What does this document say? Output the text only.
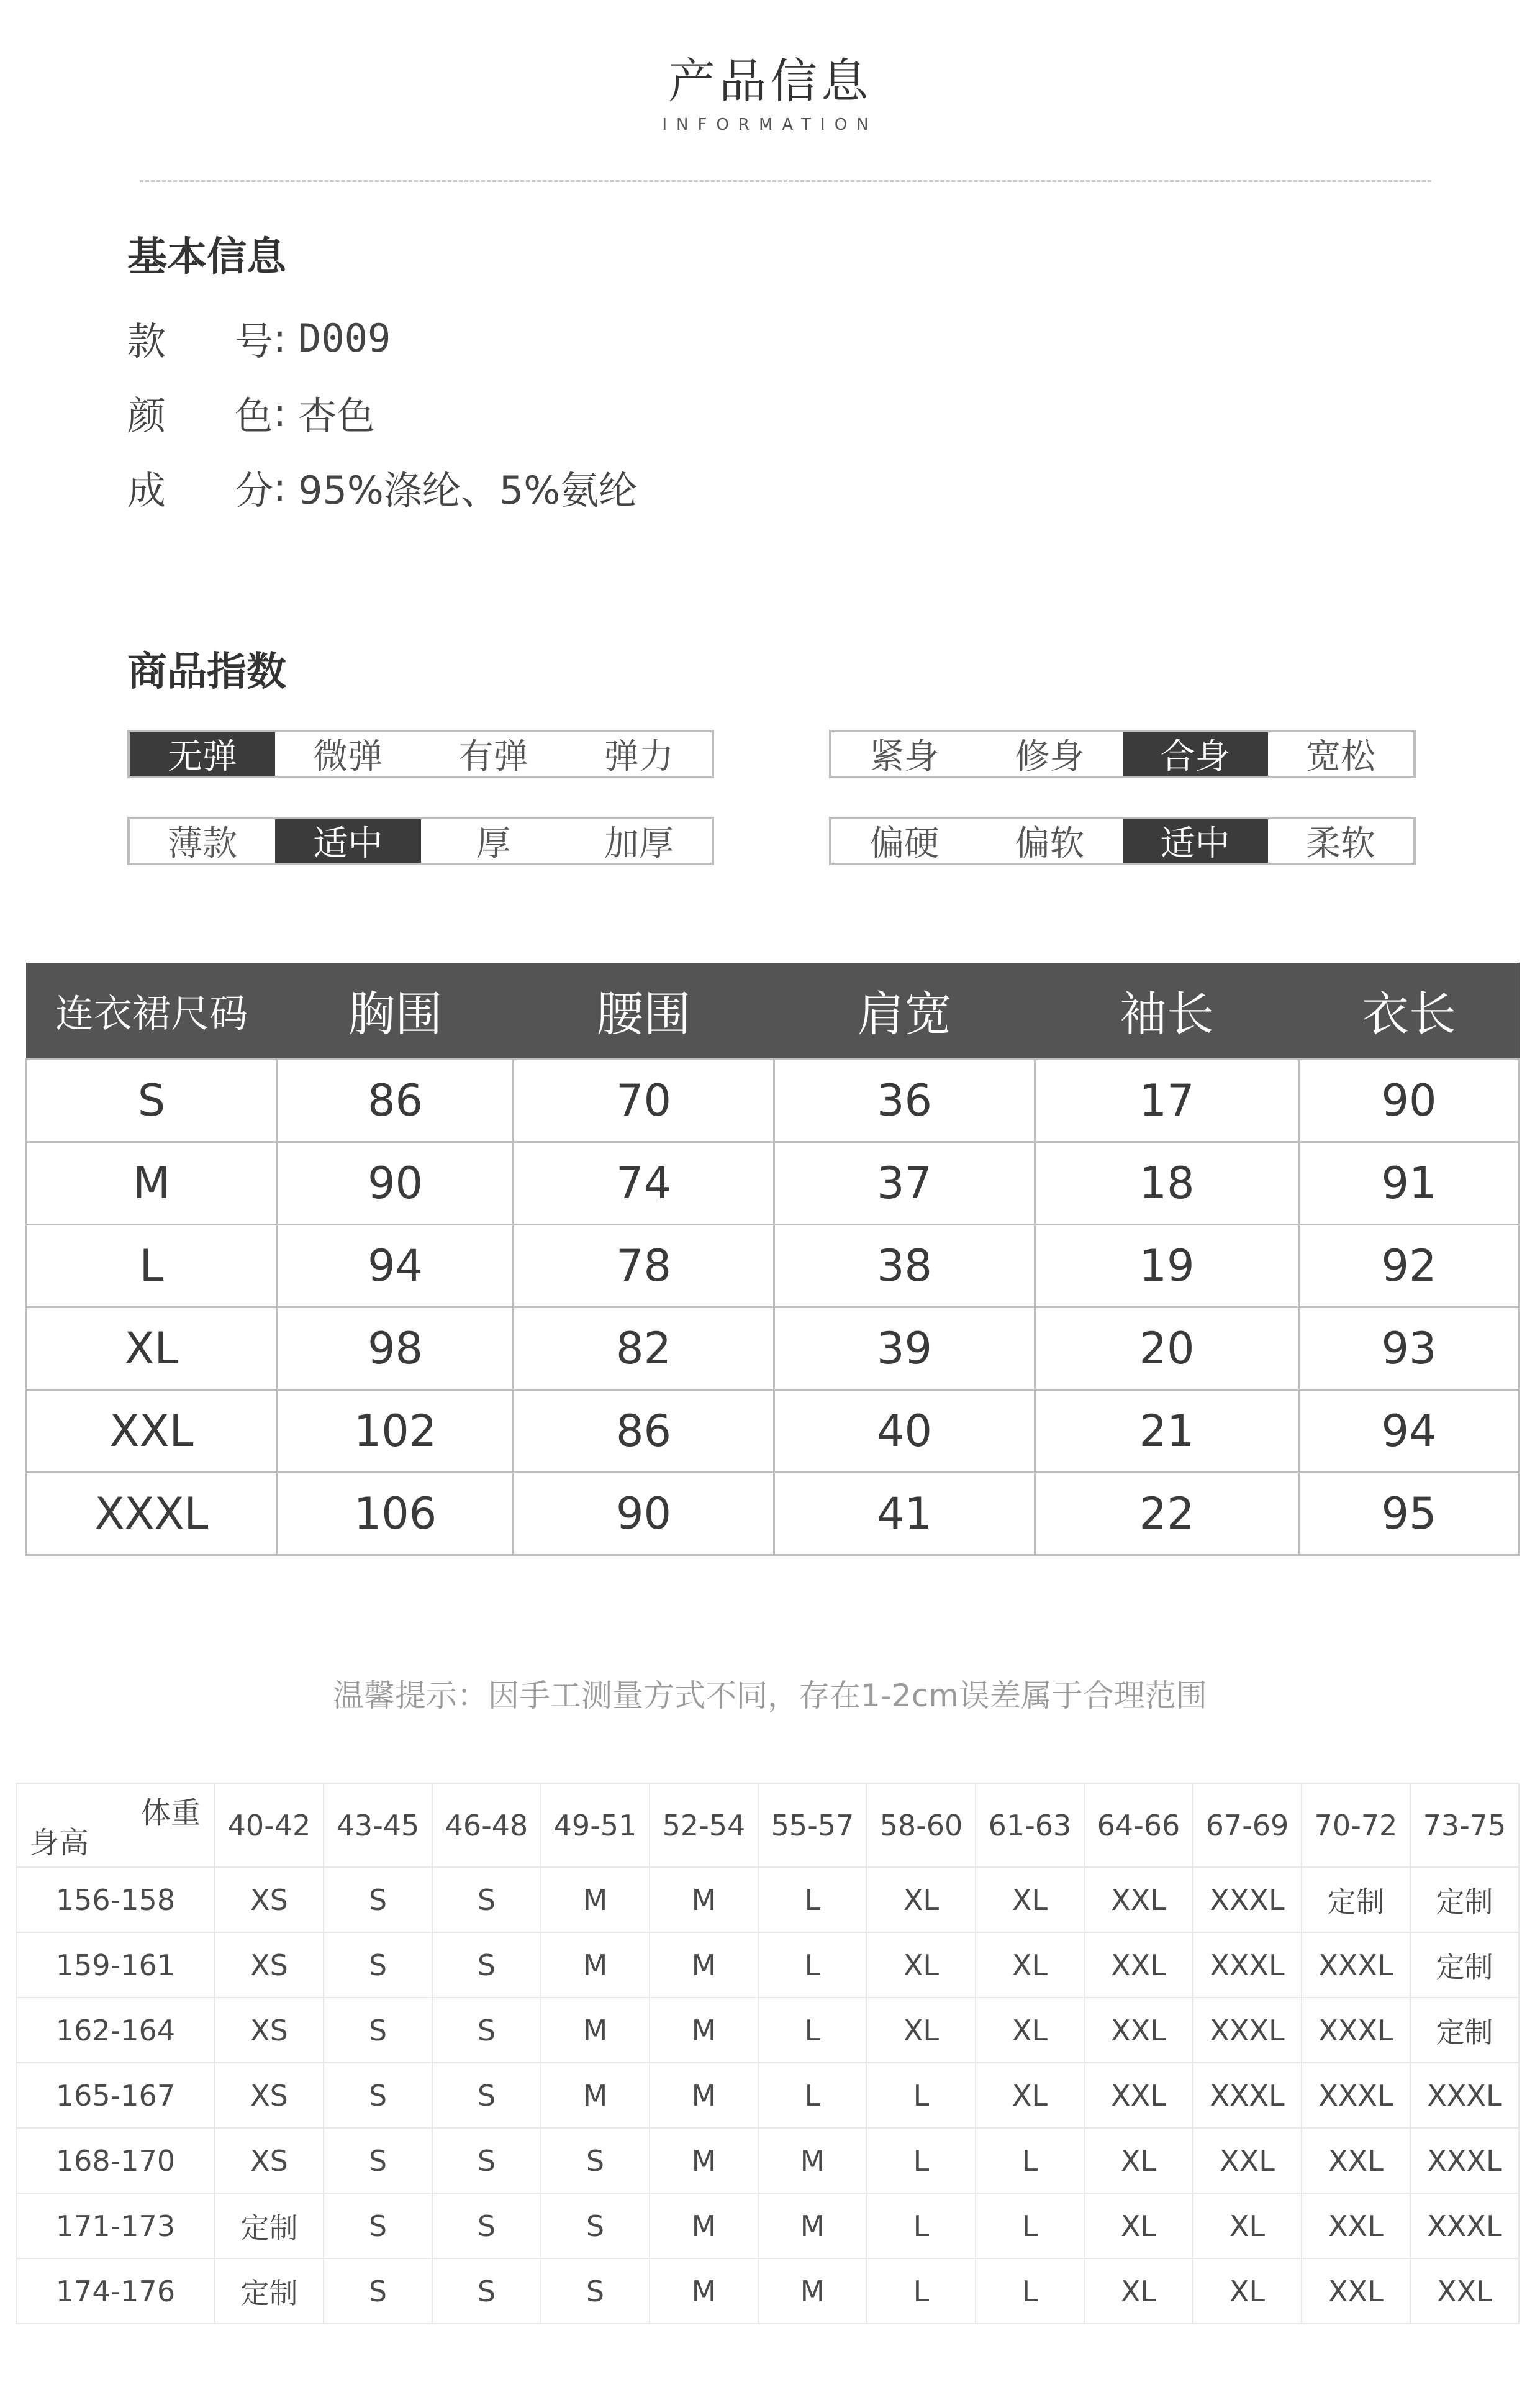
产品信息
INFORMATION
基本信息
款 号 : D009
颜 色 : 杏色
成 分 : 95%涤纶、5%氨纶
商品指数
无弹	微弹	有弹	弹力	紧身	修身	合身	宽松
薄款	适中	厚	加厚	偏硬	偏软	适中	柔软
连衣裙尺码	胸围	腰围	肩宽	袖长	衣长
S	86	70	36	17	90
M	90	74	37	18	91
L	94	78	38	19	92
XL	98	82	39	20	93
XXL	102	86	40	21	94
XXXL	106	90	41	22	95
温馨提示：因手工测量方式不同，存在1-2cm误差属于合理范围
体重
身高	40-42	43-45	46-48	49-51	52-54	55-57	58-60	61-63	64-66	67-69	70-72	73-75
156-158	XS	S	S	M	M	L	XL	XL	XXL	XXXL	定制	定制
159-161	XS	S	S	M	M	L	XL	XL	XXL	XXXL	XXXL	定制
162-164	XS	S	S	M	M	L	XL	XL	XXL	XXXL	XXXL	定制
165-167	XS	S	S	M	M	L	L	XL	XXL	XXXL	XXXL	XXXL
168-170	XS	S	S	S	M	M	L	L	XL	XXL	XXL	XXXL
171-173	定制	S	S	S	M	M	L	L	XL	XL	XXL	XXXL
174-176	定制	S	S	S	M	M	L	L	XL	XL	XXL	XXL
